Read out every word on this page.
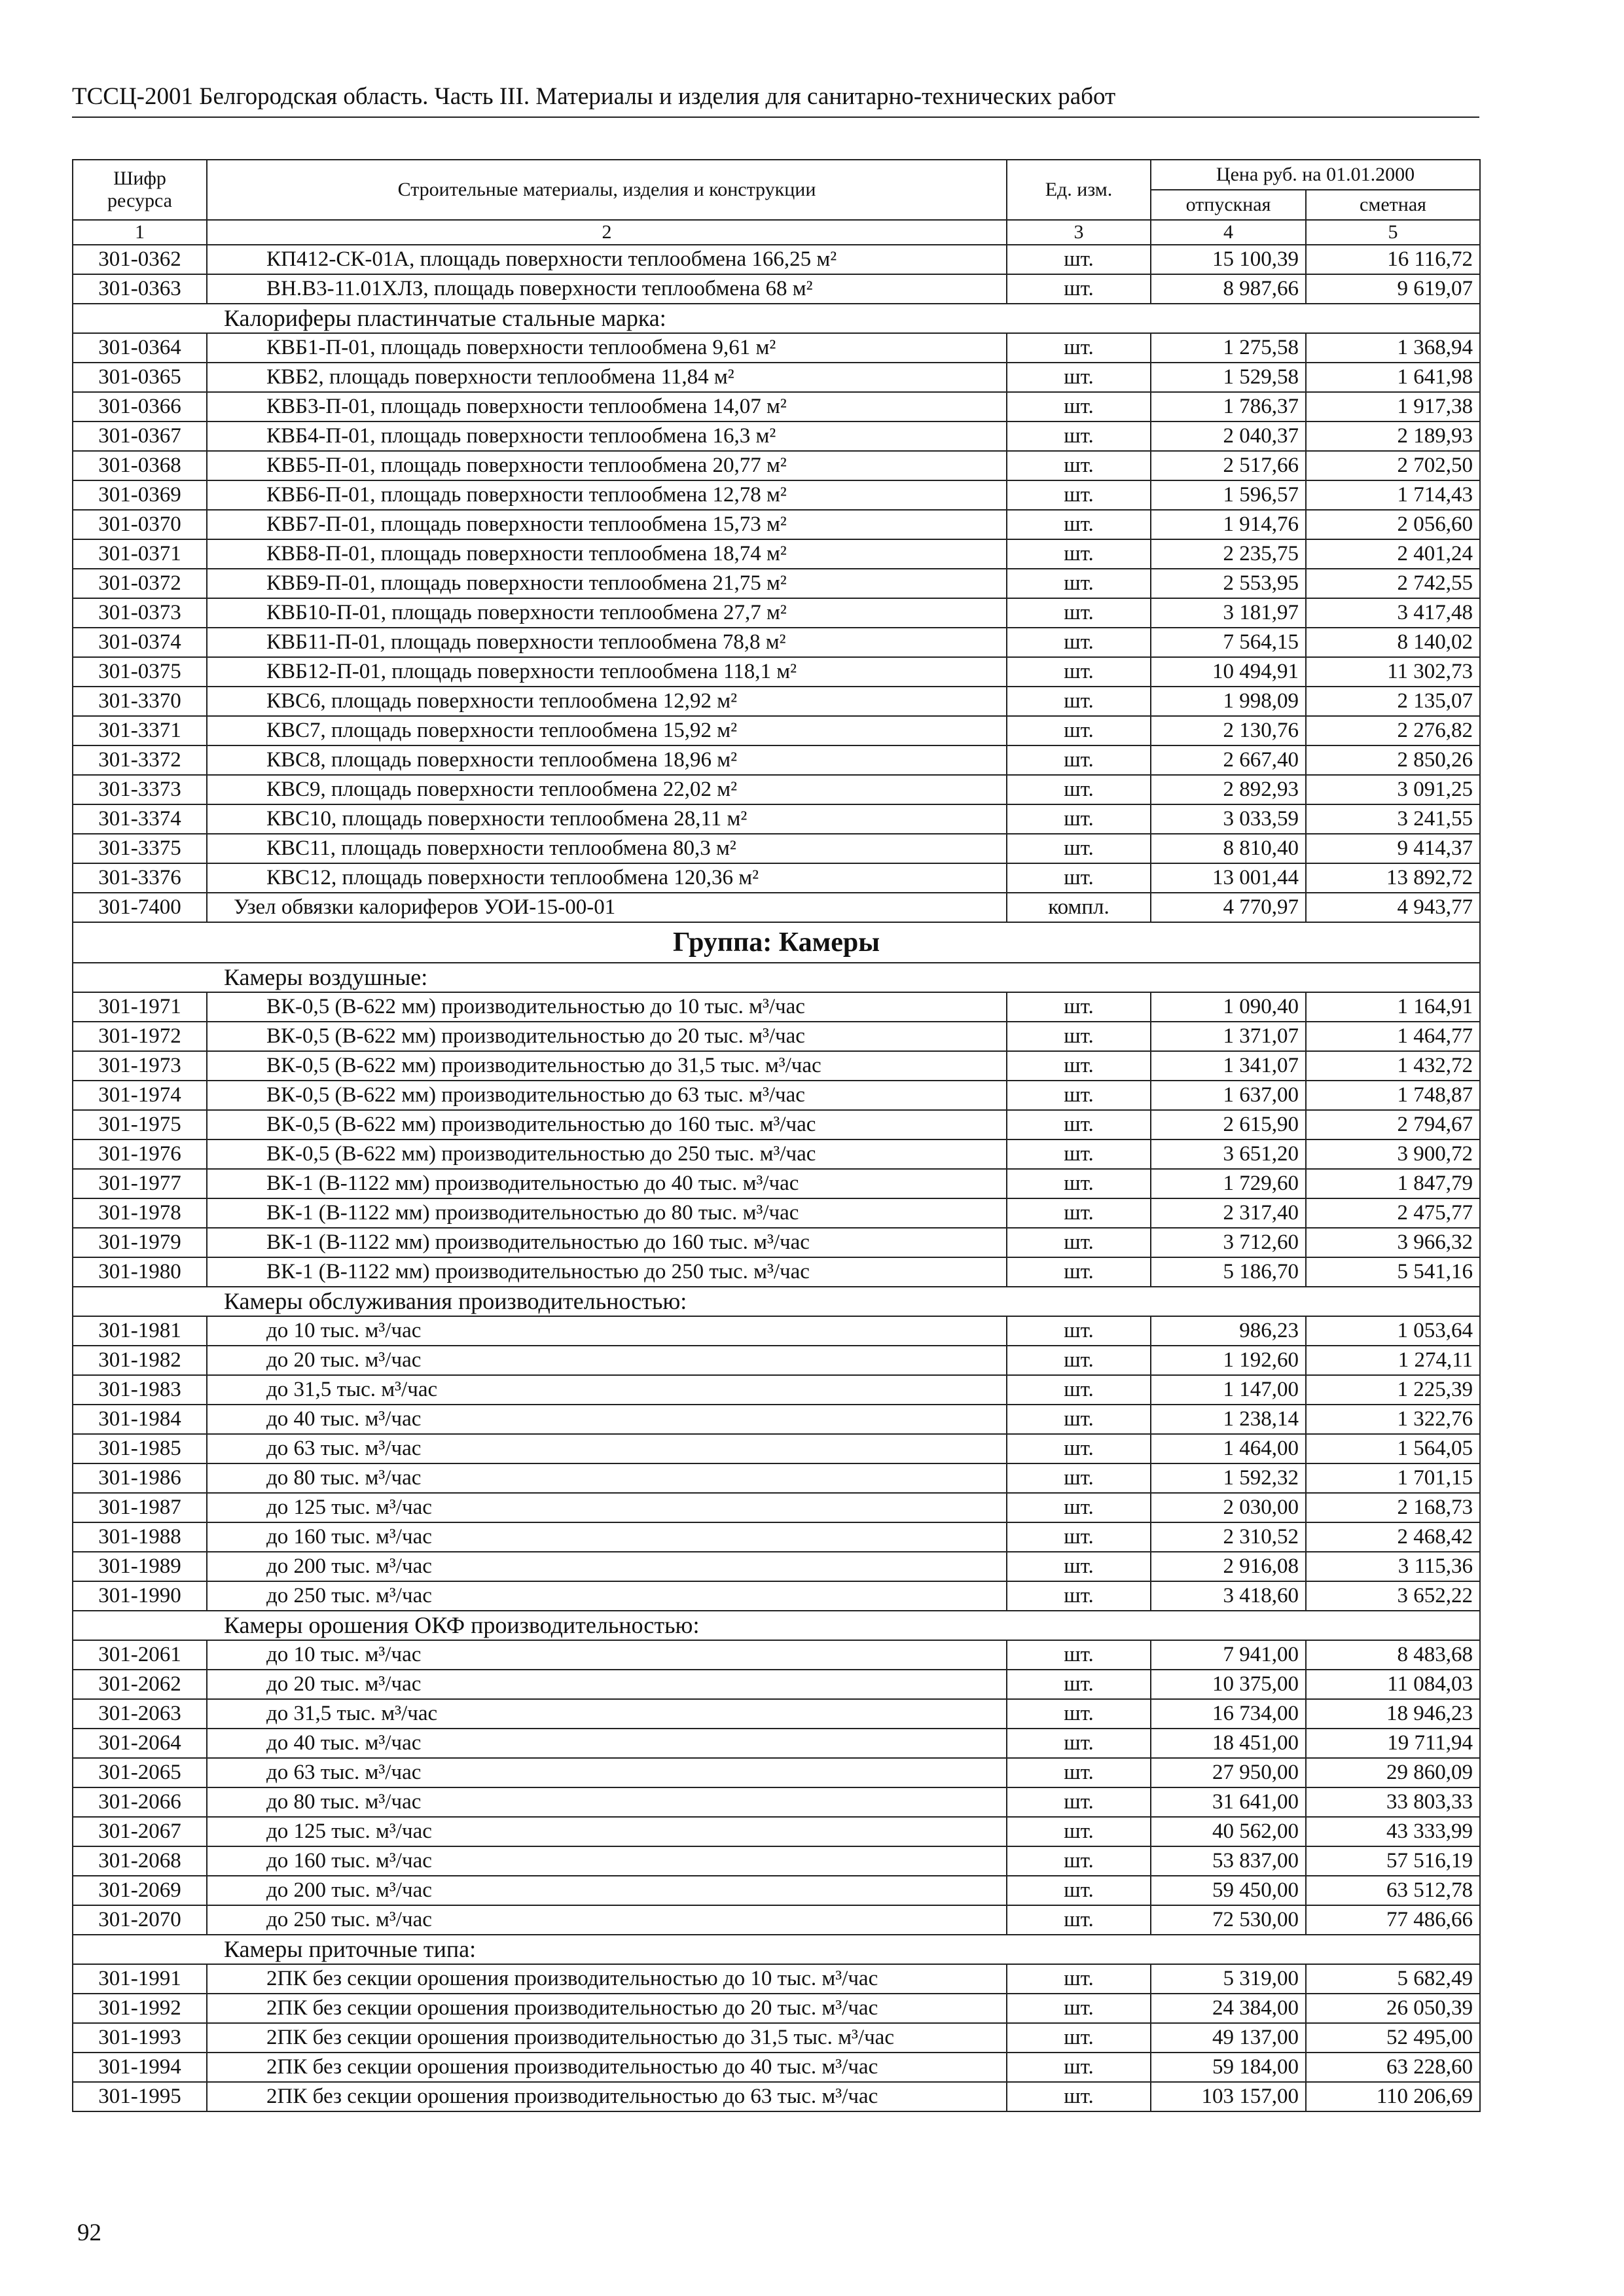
ТССЦ-2001 Белгородская область. Часть III. Материалы и изделия для санитарно-технических работ
Шифр ресурса	Строительные материалы, изделия и конструкции	Ед. изм.	Цена руб. на 01.01.2000	
			отпускная	сметная
1	2	3	4	5
301-0362	КП412-СК-01А, площадь поверхности теплообмена 166,25 м²	шт.	15 100,39	16 116,72
301-0363	ВН.В3-11.01ХЛЗ, площадь поверхности теплообмена 68 м²	шт.	8 987,66	9 619,07
Калориферы пластинчатые стальные марка:				
301-0364	КВБ1-П-01, площадь поверхности теплообмена 9,61 м²	шт.	1 275,58	1 368,94
301-0365	КВБ2, площадь поверхности теплообмена 11,84 м²	шт.	1 529,58	1 641,98
301-0366	КВБ3-П-01, площадь поверхности теплообмена 14,07 м²	шт.	1 786,37	1 917,38
301-0367	КВБ4-П-01, площадь поверхности теплообмена 16,3 м²	шт.	2 040,37	2 189,93
301-0368	КВБ5-П-01, площадь поверхности теплообмена 20,77 м²	шт.	2 517,66	2 702,50
301-0369	КВБ6-П-01, площадь поверхности теплообмена 12,78 м²	шт.	1 596,57	1 714,43
301-0370	КВБ7-П-01, площадь поверхности теплообмена 15,73 м²	шт.	1 914,76	2 056,60
301-0371	КВБ8-П-01, площадь поверхности теплообмена 18,74 м²	шт.	2 235,75	2 401,24
301-0372	КВБ9-П-01, площадь поверхности теплообмена 21,75 м²	шт.	2 553,95	2 742,55
301-0373	КВБ10-П-01, площадь поверхности теплообмена 27,7 м²	шт.	3 181,97	3 417,48
301-0374	КВБ11-П-01, площадь поверхности теплообмена 78,8 м²	шт.	7 564,15	8 140,02
301-0375	КВБ12-П-01, площадь поверхности теплообмена 118,1 м²	шт.	10 494,91	11 302,73
301-3370	КВС6, площадь поверхности теплообмена 12,92 м²	шт.	1 998,09	2 135,07
301-3371	КВС7, площадь поверхности теплообмена 15,92 м²	шт.	2 130,76	2 276,82
301-3372	КВС8, площадь поверхности теплообмена 18,96 м²	шт.	2 667,40	2 850,26
301-3373	КВС9, площадь поверхности теплообмена 22,02 м²	шт.	2 892,93	3 091,25
301-3374	КВС10, площадь поверхности теплообмена 28,11 м²	шт.	3 033,59	3 241,55
301-3375	КВС11, площадь поверхности теплообмена 80,3 м²	шт.	8 810,40	9 414,37
301-3376	КВС12, площадь поверхности теплообмена 120,36 м²	шт.	13 001,44	13 892,72
301-7400	Узел обвязки калориферов УОИ-15-00-01	компл.	4 770,97	4 943,77
Группа: Камеры				
Камеры воздушные:				
301-1971	ВК-0,5 (В-622 мм) производительностью до 10 тыс. м³/час	шт.	1 090,40	1 164,91
301-1972	ВК-0,5 (В-622 мм) производительностью до 20 тыс. м³/час	шт.	1 371,07	1 464,77
301-1973	ВК-0,5 (В-622 мм) производительностью до 31,5 тыс. м³/час	шт.	1 341,07	1 432,72
301-1974	ВК-0,5 (В-622 мм) производительностью до 63 тыс. м³/час	шт.	1 637,00	1 748,87
301-1975	ВК-0,5 (В-622 мм) производительностью до 160 тыс. м³/час	шт.	2 615,90	2 794,67
301-1976	ВК-0,5 (В-622 мм) производительностью до 250 тыс. м³/час	шт.	3 651,20	3 900,72
301-1977	ВК-1 (В-1122 мм) производительностью до 40 тыс. м³/час	шт.	1 729,60	1 847,79
301-1978	ВК-1 (В-1122 мм) производительностью до 80 тыс. м³/час	шт.	2 317,40	2 475,77
301-1979	ВК-1 (В-1122 мм) производительностью до 160 тыс. м³/час	шт.	3 712,60	3 966,32
301-1980	ВК-1 (В-1122 мм) производительностью до 250 тыс. м³/час	шт.	5 186,70	5 541,16
Камеры обслуживания производительностью:				
301-1981	до 10 тыс. м³/час	шт.	986,23	1 053,64
301-1982	до 20 тыс. м³/час	шт.	1 192,60	1 274,11
301-1983	до 31,5 тыс. м³/час	шт.	1 147,00	1 225,39
301-1984	до 40 тыс. м³/час	шт.	1 238,14	1 322,76
301-1985	до 63 тыс. м³/час	шт.	1 464,00	1 564,05
301-1986	до 80 тыс. м³/час	шт.	1 592,32	1 701,15
301-1987	до 125 тыс. м³/час	шт.	2 030,00	2 168,73
301-1988	до 160 тыс. м³/час	шт.	2 310,52	2 468,42
301-1989	до 200 тыс. м³/час	шт.	2 916,08	3 115,36
301-1990	до 250 тыс. м³/час	шт.	3 418,60	3 652,22
Камеры орошения ОКФ производительностью:				
301-2061	до 10 тыс. м³/час	шт.	7 941,00	8 483,68
301-2062	до 20 тыс. м³/час	шт.	10 375,00	11 084,03
301-2063	до 31,5 тыс. м³/час	шт.	16 734,00	18 946,23
301-2064	до 40 тыс. м³/час	шт.	18 451,00	19 711,94
301-2065	до 63 тыс. м³/час	шт.	27 950,00	29 860,09
301-2066	до 80 тыс. м³/час	шт.	31 641,00	33 803,33
301-2067	до 125 тыс. м³/час	шт.	40 562,00	43 333,99
301-2068	до 160 тыс. м³/час	шт.	53 837,00	57 516,19
301-2069	до 200 тыс. м³/час	шт.	59 450,00	63 512,78
301-2070	до 250 тыс. м³/час	шт.	72 530,00	77 486,66
Камеры приточные типа:				
301-1991	2ПК без секции орошения производительностью до 10 тыс. м³/час	шт.	5 319,00	5 682,49
301-1992	2ПК без секции орошения производительностью до 20 тыс. м³/час	шт.	24 384,00	26 050,39
301-1993	2ПК без секции орошения производительностью до 31,5 тыс. м³/час	шт.	49 137,00	52 495,00
301-1994	2ПК без секции орошения производительностью до 40 тыс. м³/час	шт.	59 184,00	63 228,60
301-1995	2ПК без секции орошения производительностью до 63 тыс. м³/час	шт.	103 157,00	110 206,69
92
